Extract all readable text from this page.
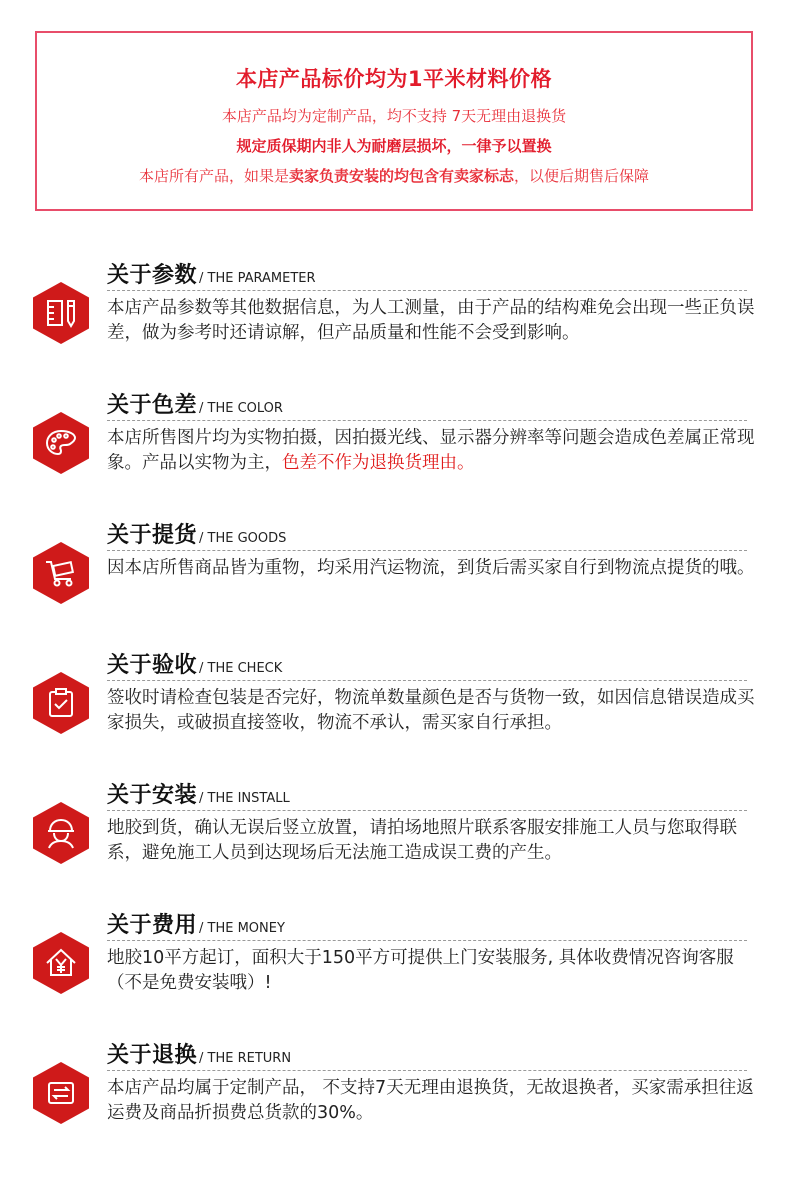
本店产品标价均为1平米材料价格
本店产品均为定制产品，均不支持 7天无理由退换货
规定质保期内非人为耐磨层损坏，一律予以置换
本店所有产品，如果是卖家负责安装的均包含有卖家标志，以便后期售后保障
关于参数 / THE PARAMETER
本店产品参数等其他数据信息，为人工测量，由于产品的结构难免会出现一些正负误差，做为参考时还请谅解，但产品质量和性能不会受到影响。
关于色差 / THE COLOR
本店所售图片均为实物拍摄，因拍摄光线、显示器分辨率等问题会造成色差属正常现象。产品以实物为主，色差不作为退换货理由。
关于提货 / THE GOODS
因本店所售商品皆为重物，均采用汽运物流，到货后需买家自行到物流点提货的哦。
关于验收 / THE CHECK
签收时请检查包装是否完好，物流单数量颜色是否与货物一致，如因信息错误造成买家损失，或破损直接签收，物流不承认，需买家自行承担。
关于安装 / THE INSTALL
地胶到货，确认无误后竖立放置，请拍场地照片联系客服安排施工人员与您取得联系，避免施工人员到达现场后无法施工造成误工费的产生。
关于费用 / THE MONEY
地胶10平方起订，面积大于150平方可提供上门安装服务, 具体收费情况咨询客服（不是免费安装哦）!
关于退换 / THE RETURN
本店产品均属于定制产品， 不支持7天无理由退换货，无故退换者，买家需承担往返运费及商品折损费总货款的30%。
